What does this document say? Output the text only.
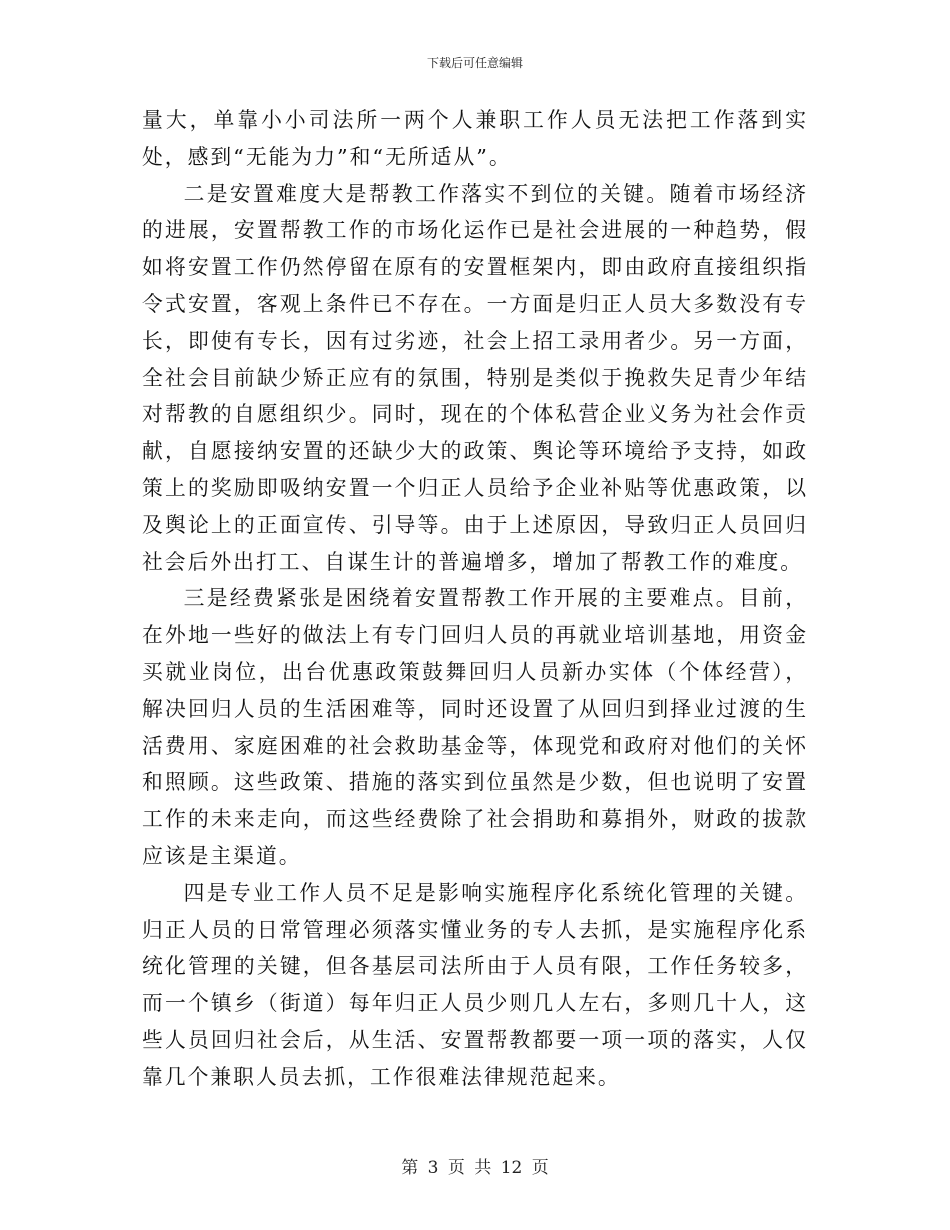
下载后可任意编辑

量大，单靠小小司法所一两个人兼职工作人员无法把工作落到实处，感到“无能为力”和“无所适从”。

二是安置难度大是帮教工作落实不到位的关键。随着市场经济的进展，安置帮教工作的市场化运作已是社会进展的一种趋势，假如将安置工作仍然停留在原有的安置框架内，即由政府直接组织指令式安置，客观上条件已不存在。一方面是归正人员大多数没有专长，即使有专长，因有过劣迹，社会上招工录用者少。另一方面，全社会目前缺少矫正应有的氛围，特别是类似于挽救失足青少年结对帮教的自愿组织少。同时，现在的个体私营企业义务为社会作贡献，自愿接纳安置的还缺少大的政策、舆论等环境给予支持，如政策上的奖励即吸纳安置一个归正人员给予企业补贴等优惠政策，以及舆论上的正面宣传、引导等。由于上述原因，导致归正人员回归社会后外出打工、自谋生计的普遍增多，增加了帮教工作的难度。

三是经费紧张是困绕着安置帮教工作开展的主要难点。目前，在外地一些好的做法上有专门回归人员的再就业培训基地，用资金买就业岗位，出台优惠政策鼓舞回归人员新办实体（个体经营），解决回归人员的生活困难等，同时还设置了从回归到择业过渡的生活费用、家庭困难的社会救助基金等，体现党和政府对他们的关怀和照顾。这些政策、措施的落实到位虽然是少数，但也说明了安置工作的未来走向，而这些经费除了社会捐助和募捐外，财政的拔款应该是主渠道。

四是专业工作人员不足是影响实施程序化系统化管理的关键。归正人员的日常管理必须落实懂业务的专人去抓，是实施程序化系统化管理的关键，但各基层司法所由于人员有限，工作任务较多，而一个镇乡（街道）每年归正人员少则几人左右，多则几十人，这些人员回归社会后，从生活、安置帮教都要一项一项的落实，人仅靠几个兼职人员去抓，工作很难法律规范起来。

第 3 页 共 12 页
